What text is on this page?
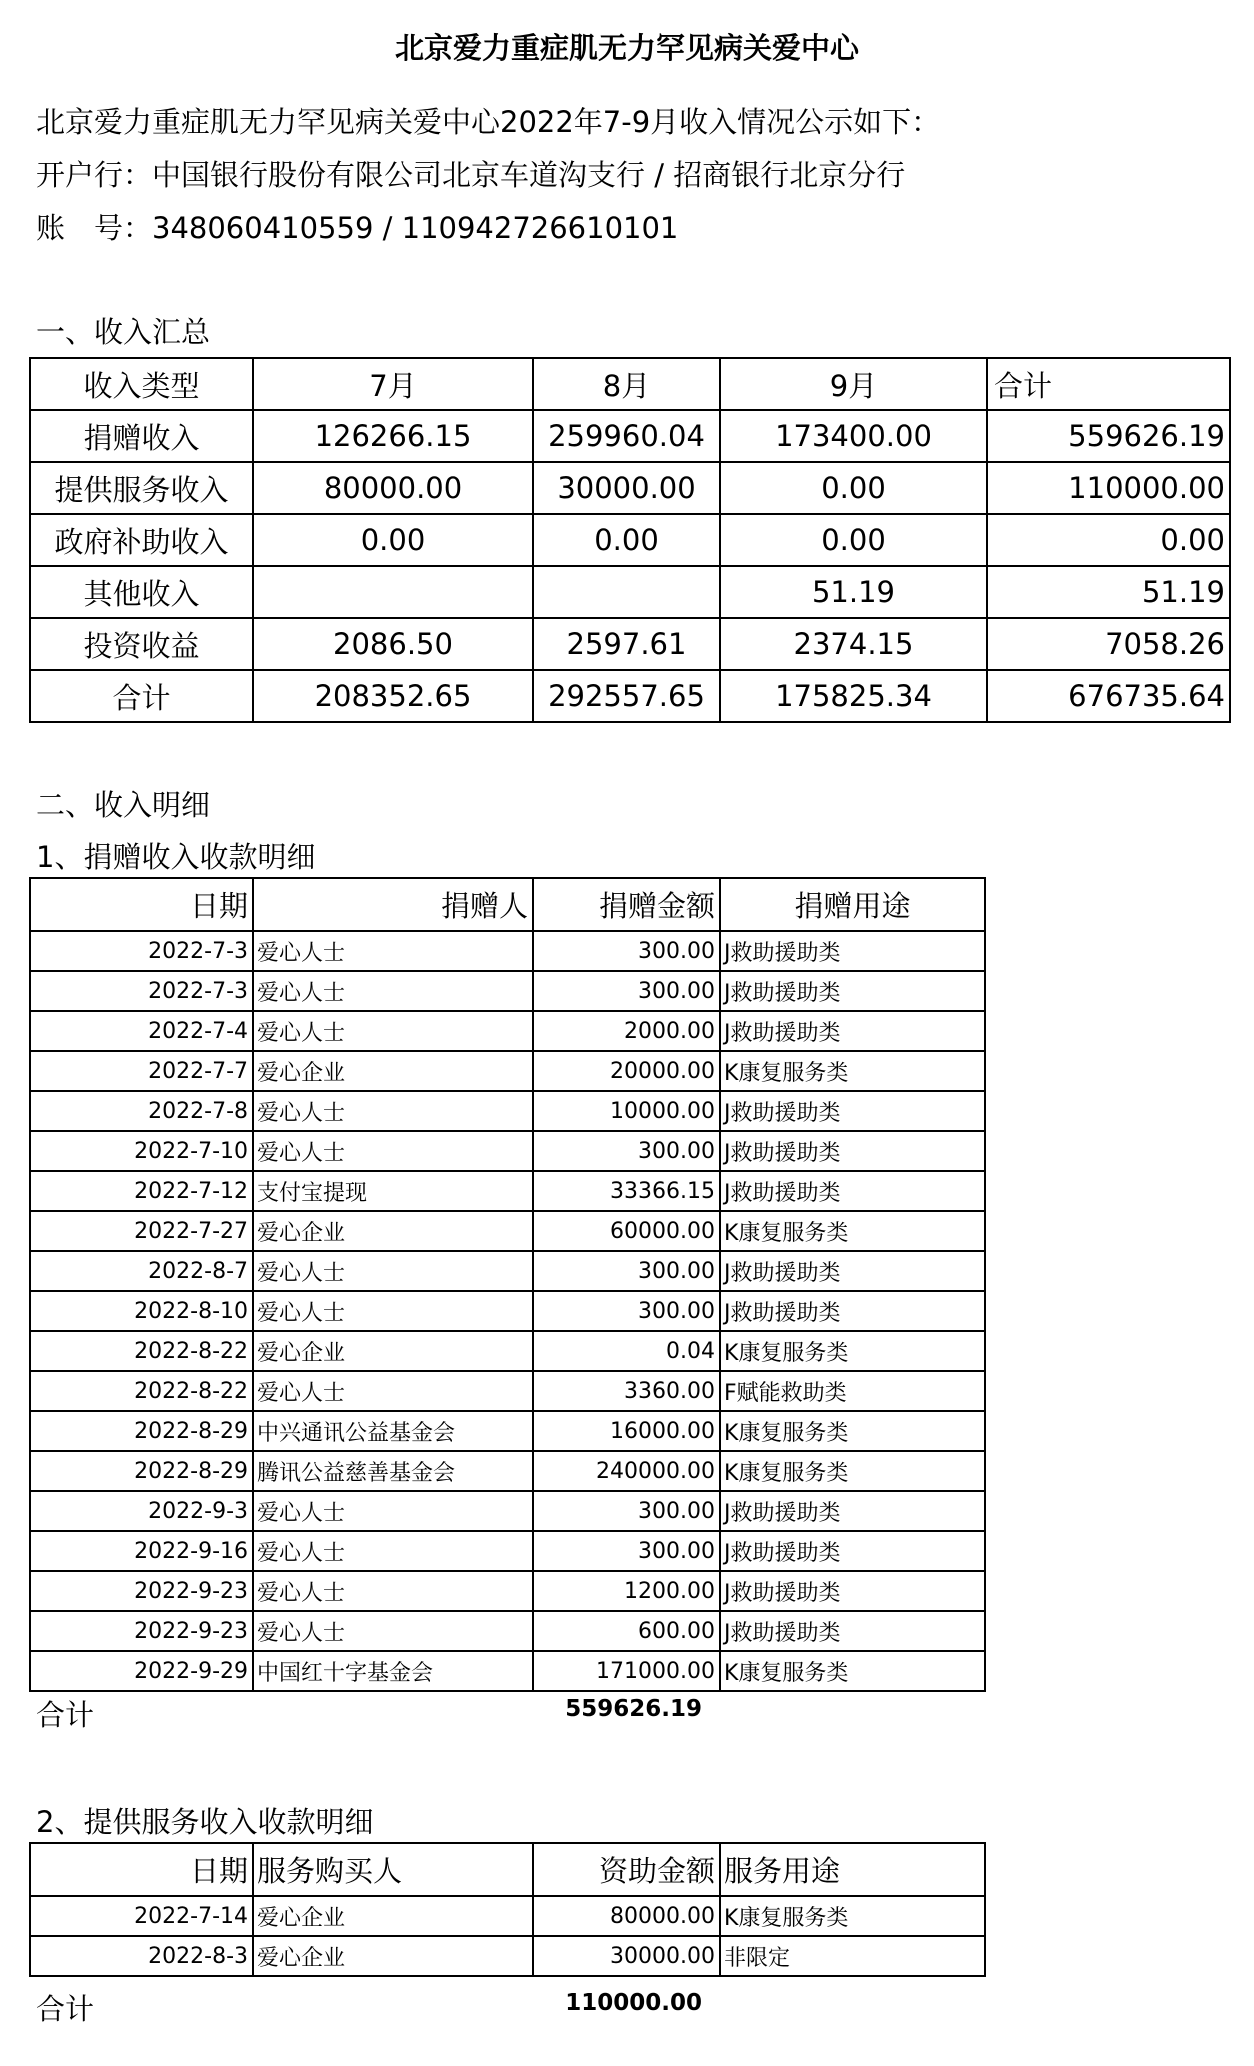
北京爱力重症肌无力罕见病关爱中心
北京爱力重症肌无力罕见病关爱中心2022年7-9月收入情况公示如下：
开户行：中国银行股份有限公司北京车道沟支行 / 招商银行北京分行
账　号：348060410559 / 110942726610101
一、收入汇总
收入类型	7月	8月	9月	合计
捐赠收入	126266.15	259960.04	173400.00	559626.19
提供服务收入	80000.00	30000.00	0.00	110000.00
政府补助收入	0.00	0.00	0.00	0.00
其他收入			51.19	51.19
投资收益	2086.50	2597.61	2374.15	7058.26
合计	208352.65	292557.65	175825.34	676735.64
二、收入明细
1、捐赠收入收款明细
日期	捐赠人	捐赠金额	捐赠用途
2022-7-3	爱心人士	300.00	J救助援助类
2022-7-3	爱心人士	300.00	J救助援助类
2022-7-4	爱心人士	2000.00	J救助援助类
2022-7-7	爱心企业	20000.00	K康复服务类
2022-7-8	爱心人士	10000.00	J救助援助类
2022-7-10	爱心人士	300.00	J救助援助类
2022-7-12	支付宝提现	33366.15	J救助援助类
2022-7-27	爱心企业	60000.00	K康复服务类
2022-8-7	爱心人士	300.00	J救助援助类
2022-8-10	爱心人士	300.00	J救助援助类
2022-8-22	爱心企业	0.04	K康复服务类
2022-8-22	爱心人士	3360.00	F赋能救助类
2022-8-29	中兴通讯公益基金会	16000.00	K康复服务类
2022-8-29	腾讯公益慈善基金会	240000.00	K康复服务类
2022-9-3	爱心人士	300.00	J救助援助类
2022-9-16	爱心人士	300.00	J救助援助类
2022-9-23	爱心人士	1200.00	J救助援助类
2022-9-23	爱心人士	600.00	J救助援助类
2022-9-29	中国红十字基金会	171000.00	K康复服务类
合计	559626.19
2、提供服务收入收款明细
日期	服务购买人	资助金额	服务用途
2022-7-14	爱心企业	80000.00	K康复服务类
2022-8-3	爱心企业	30000.00	非限定
合计	110000.00
